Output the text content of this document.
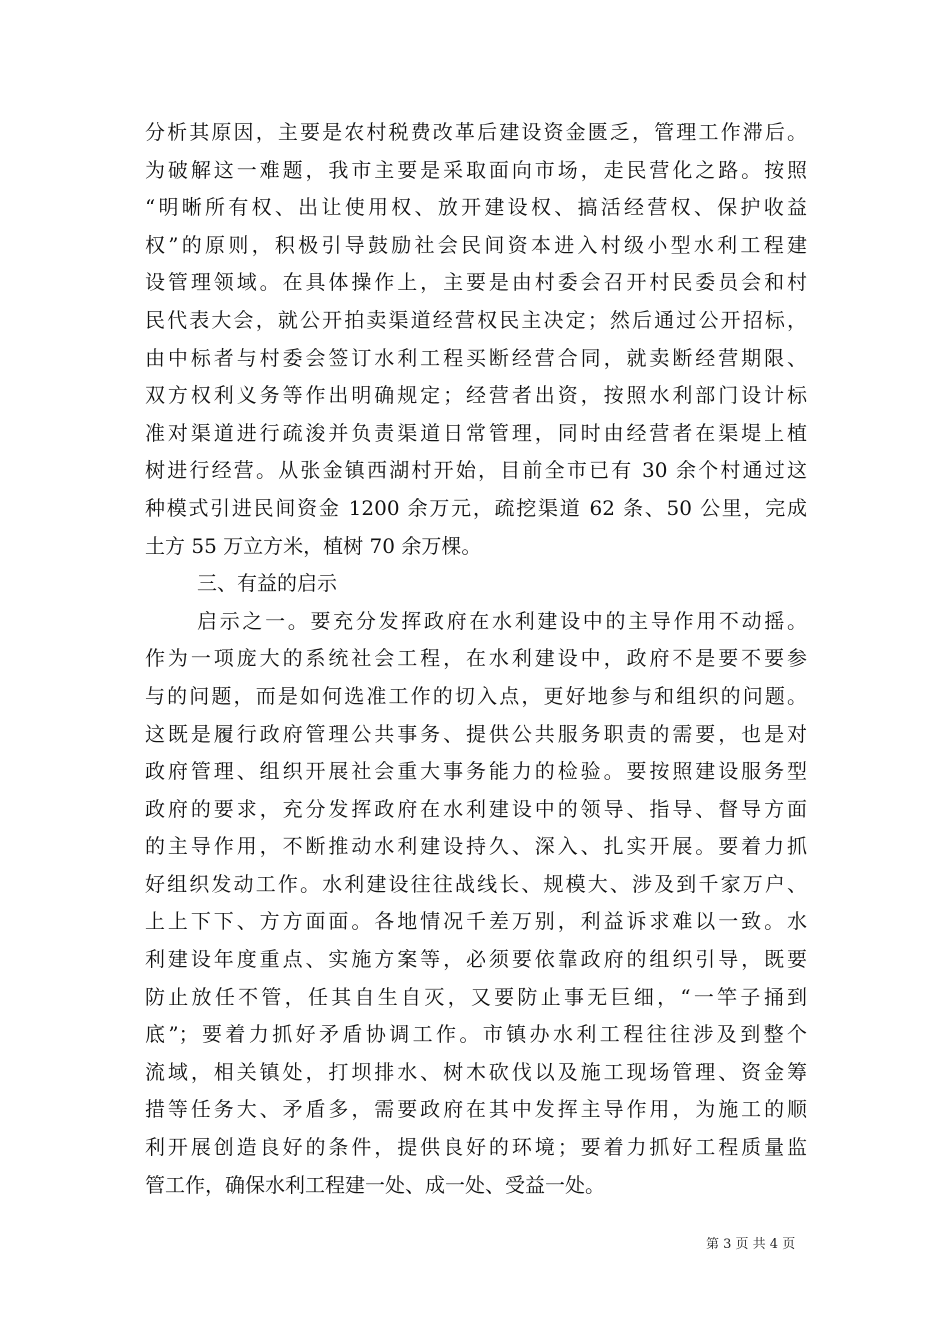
分析其原因，主要是农村税费改革后建设资金匮乏，管理工作滞后。
为破解这一难题，我市主要是采取面向市场，走民营化之路。按照
“明晰所有权、出让使用权、放开建设权、搞活经营权、保护收益
权”的原则，积极引导鼓励社会民间资本进入村级小型水利工程建
设管理领域。在具体操作上，主要是由村委会召开村民委员会和村
民代表大会，就公开拍卖渠道经营权民主决定；然后通过公开招标，
由中标者与村委会签订水利工程买断经营合同，就卖断经营期限、
双方权利义务等作出明确规定；经营者出资，按照水利部门设计标
准对渠道进行疏浚并负责渠道日常管理，同时由经营者在渠堤上植
树进行经营。从张金镇西湖村开始，目前全市已有 30 余个村通过这
种模式引进民间资金 1200 余万元，疏挖渠道 62 条、50 公里，完成
土方 55 万立方米，植树 70 余万棵。
三、有益的启示
启示之一。要充分发挥政府在水利建设中的主导作用不动摇。
作为一项庞大的系统社会工程，在水利建设中，政府不是要不要参
与的问题，而是如何选准工作的切入点，更好地参与和组织的问题。
这既是履行政府管理公共事务、提供公共服务职责的需要，也是对
政府管理、组织开展社会重大事务能力的检验。要按照建设服务型
政府的要求，充分发挥政府在水利建设中的领导、指导、督导方面
的主导作用，不断推动水利建设持久、深入、扎实开展。要着力抓
好组织发动工作。水利建设往往战线长、规模大、涉及到千家万户、
上上下下、方方面面。各地情况千差万别，利益诉求难以一致。水
利建设年度重点、实施方案等，必须要依靠政府的组织引导，既要
防止放任不管，任其自生自灭，又要防止事无巨细，“一竿子捅到
底”；要着力抓好矛盾协调工作。市镇办水利工程往往涉及到整个
流域，相关镇处，打坝排水、树木砍伐以及施工现场管理、资金筹
措等任务大、矛盾多，需要政府在其中发挥主导作用，为施工的顺
利开展创造良好的条件，提供良好的环境；要着力抓好工程质量监
管工作，确保水利工程建一处、成一处、受益一处。
第 3 页 共 4 页
